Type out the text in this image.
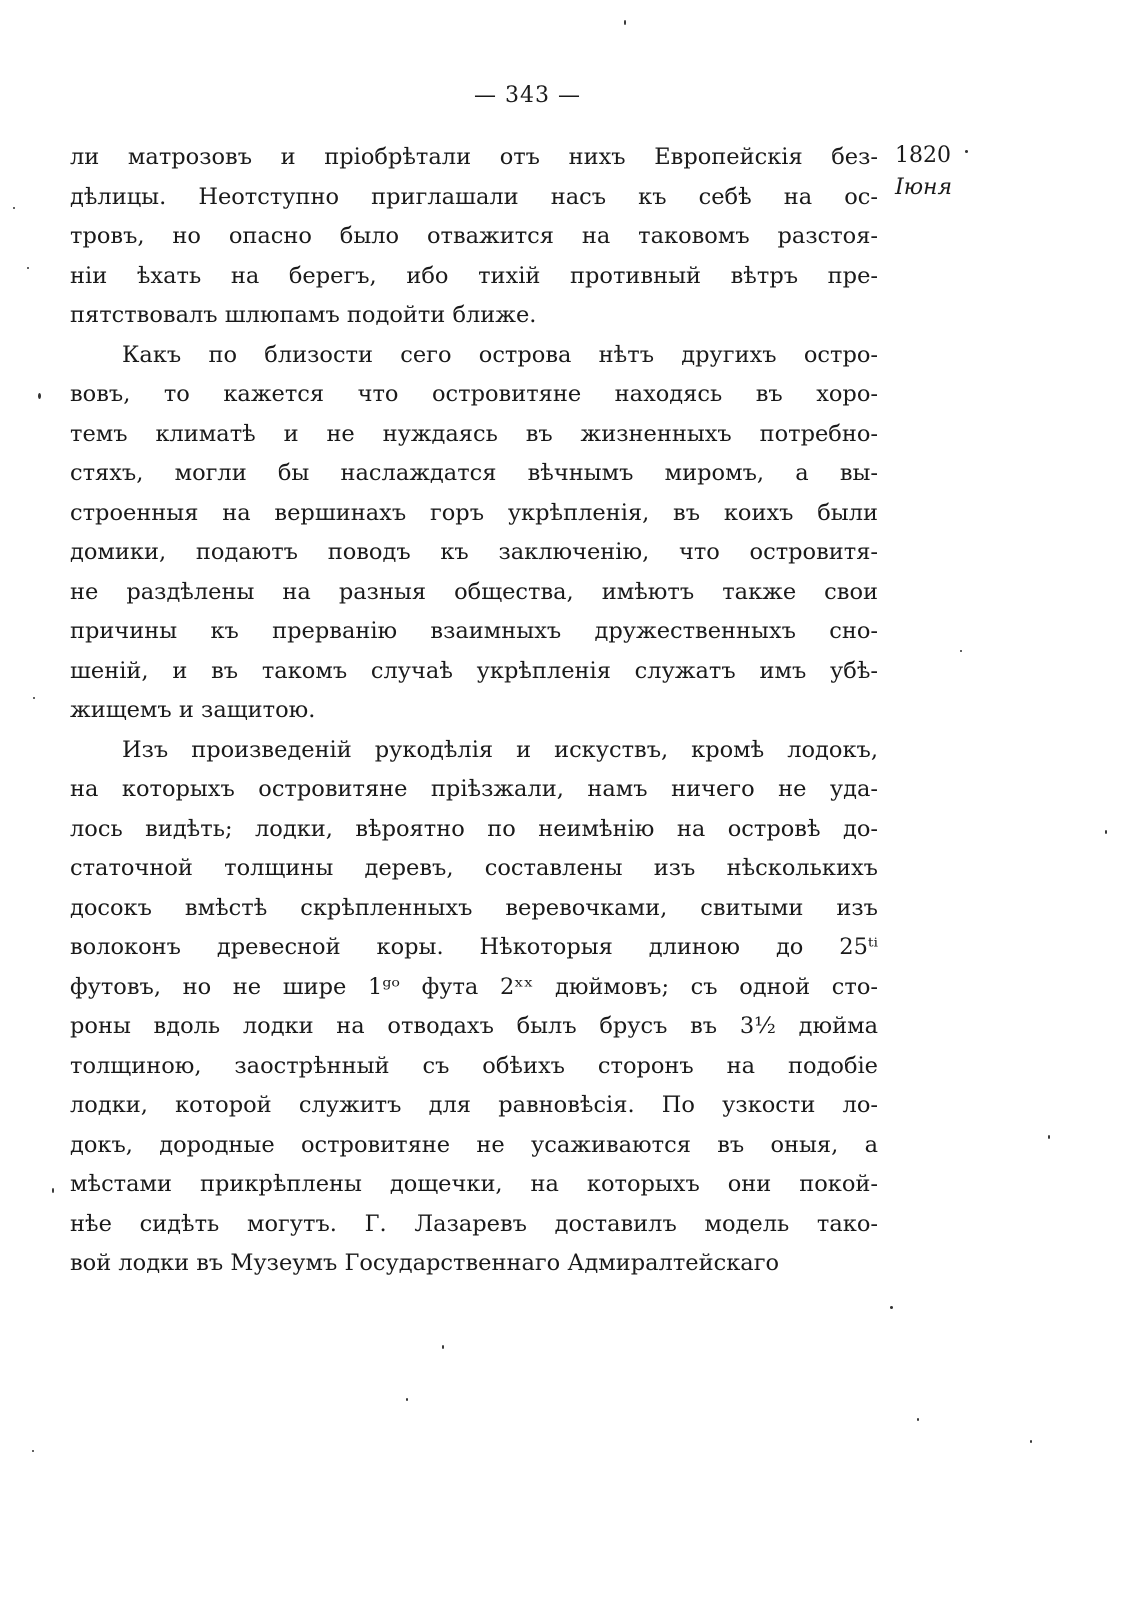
— 343 —
1820
Іюня
ли матрозовъ и пріобрѣтали отъ нихъ Европейскія без-
дѣлицы. Неотступно приглашали насъ къ себѣ на ос-
тровъ, но опасно было отважится на таковомъ разстоя-
ніи ѣхать на берегъ, ибо тихій противный вѣтръ пре-
пятствовалъ шлюпамъ подойти ближе.
Какъ по близости сего острова нѣтъ другихъ остро-
вовъ, то кажется что островитяне находясь въ хоро-
темъ климатѣ и не нуждаясь въ жизненныхъ потребно-
стяхъ, могли бы наслаждатся вѣчнымъ миромъ, а вы-
строенныя на вершинахъ горъ укрѣпленія, въ коихъ были
домики, подаютъ поводъ къ заключенію, что островитя-
не раздѣлены на разныя общества, имѣютъ также свои
причины къ прерванію взаимныхъ дружественныхъ сно-
шеній, и въ такомъ случаѣ укрѣпленія служатъ имъ убѣ-
жищемъ и защитою.
Изъ произведеній рукодѣлія и искуствъ, кромѣ лодокъ,
на которыхъ островитяне пріѣзжали, намъ ничего не уда-
лось видѣть; лодки, вѣроятно по неимѣнію на островѣ до-
статочной толщины деревъ, составлены изъ нѣсколькихъ
досокъ вмѣстѣ скрѣпленныхъ веревочками, свитыми изъ
волоконъ древесной коры. Нѣкоторыя длиною до 25ᵗⁱ
футовъ, но не шире 1ᵍᵒ фута 2ˣˣ дюймовъ; съ одной сто-
роны вдоль лодки на отводахъ былъ брусъ въ 3½ дюйма
толщиною, заострѣнный съ обѣихъ сторонъ на подобіе
лодки, которой служитъ для равновѣсія. По узкости ло-
докъ, дородные островитяне не усаживаются въ оныя, а
мѣстами прикрѣплены дощечки, на которыхъ они покой-
нѣе сидѣть могутъ. Г. Лазаревъ доставилъ модель тако-
вой лодки въ Музеумъ Государственнаго Адмиралтейскаго
